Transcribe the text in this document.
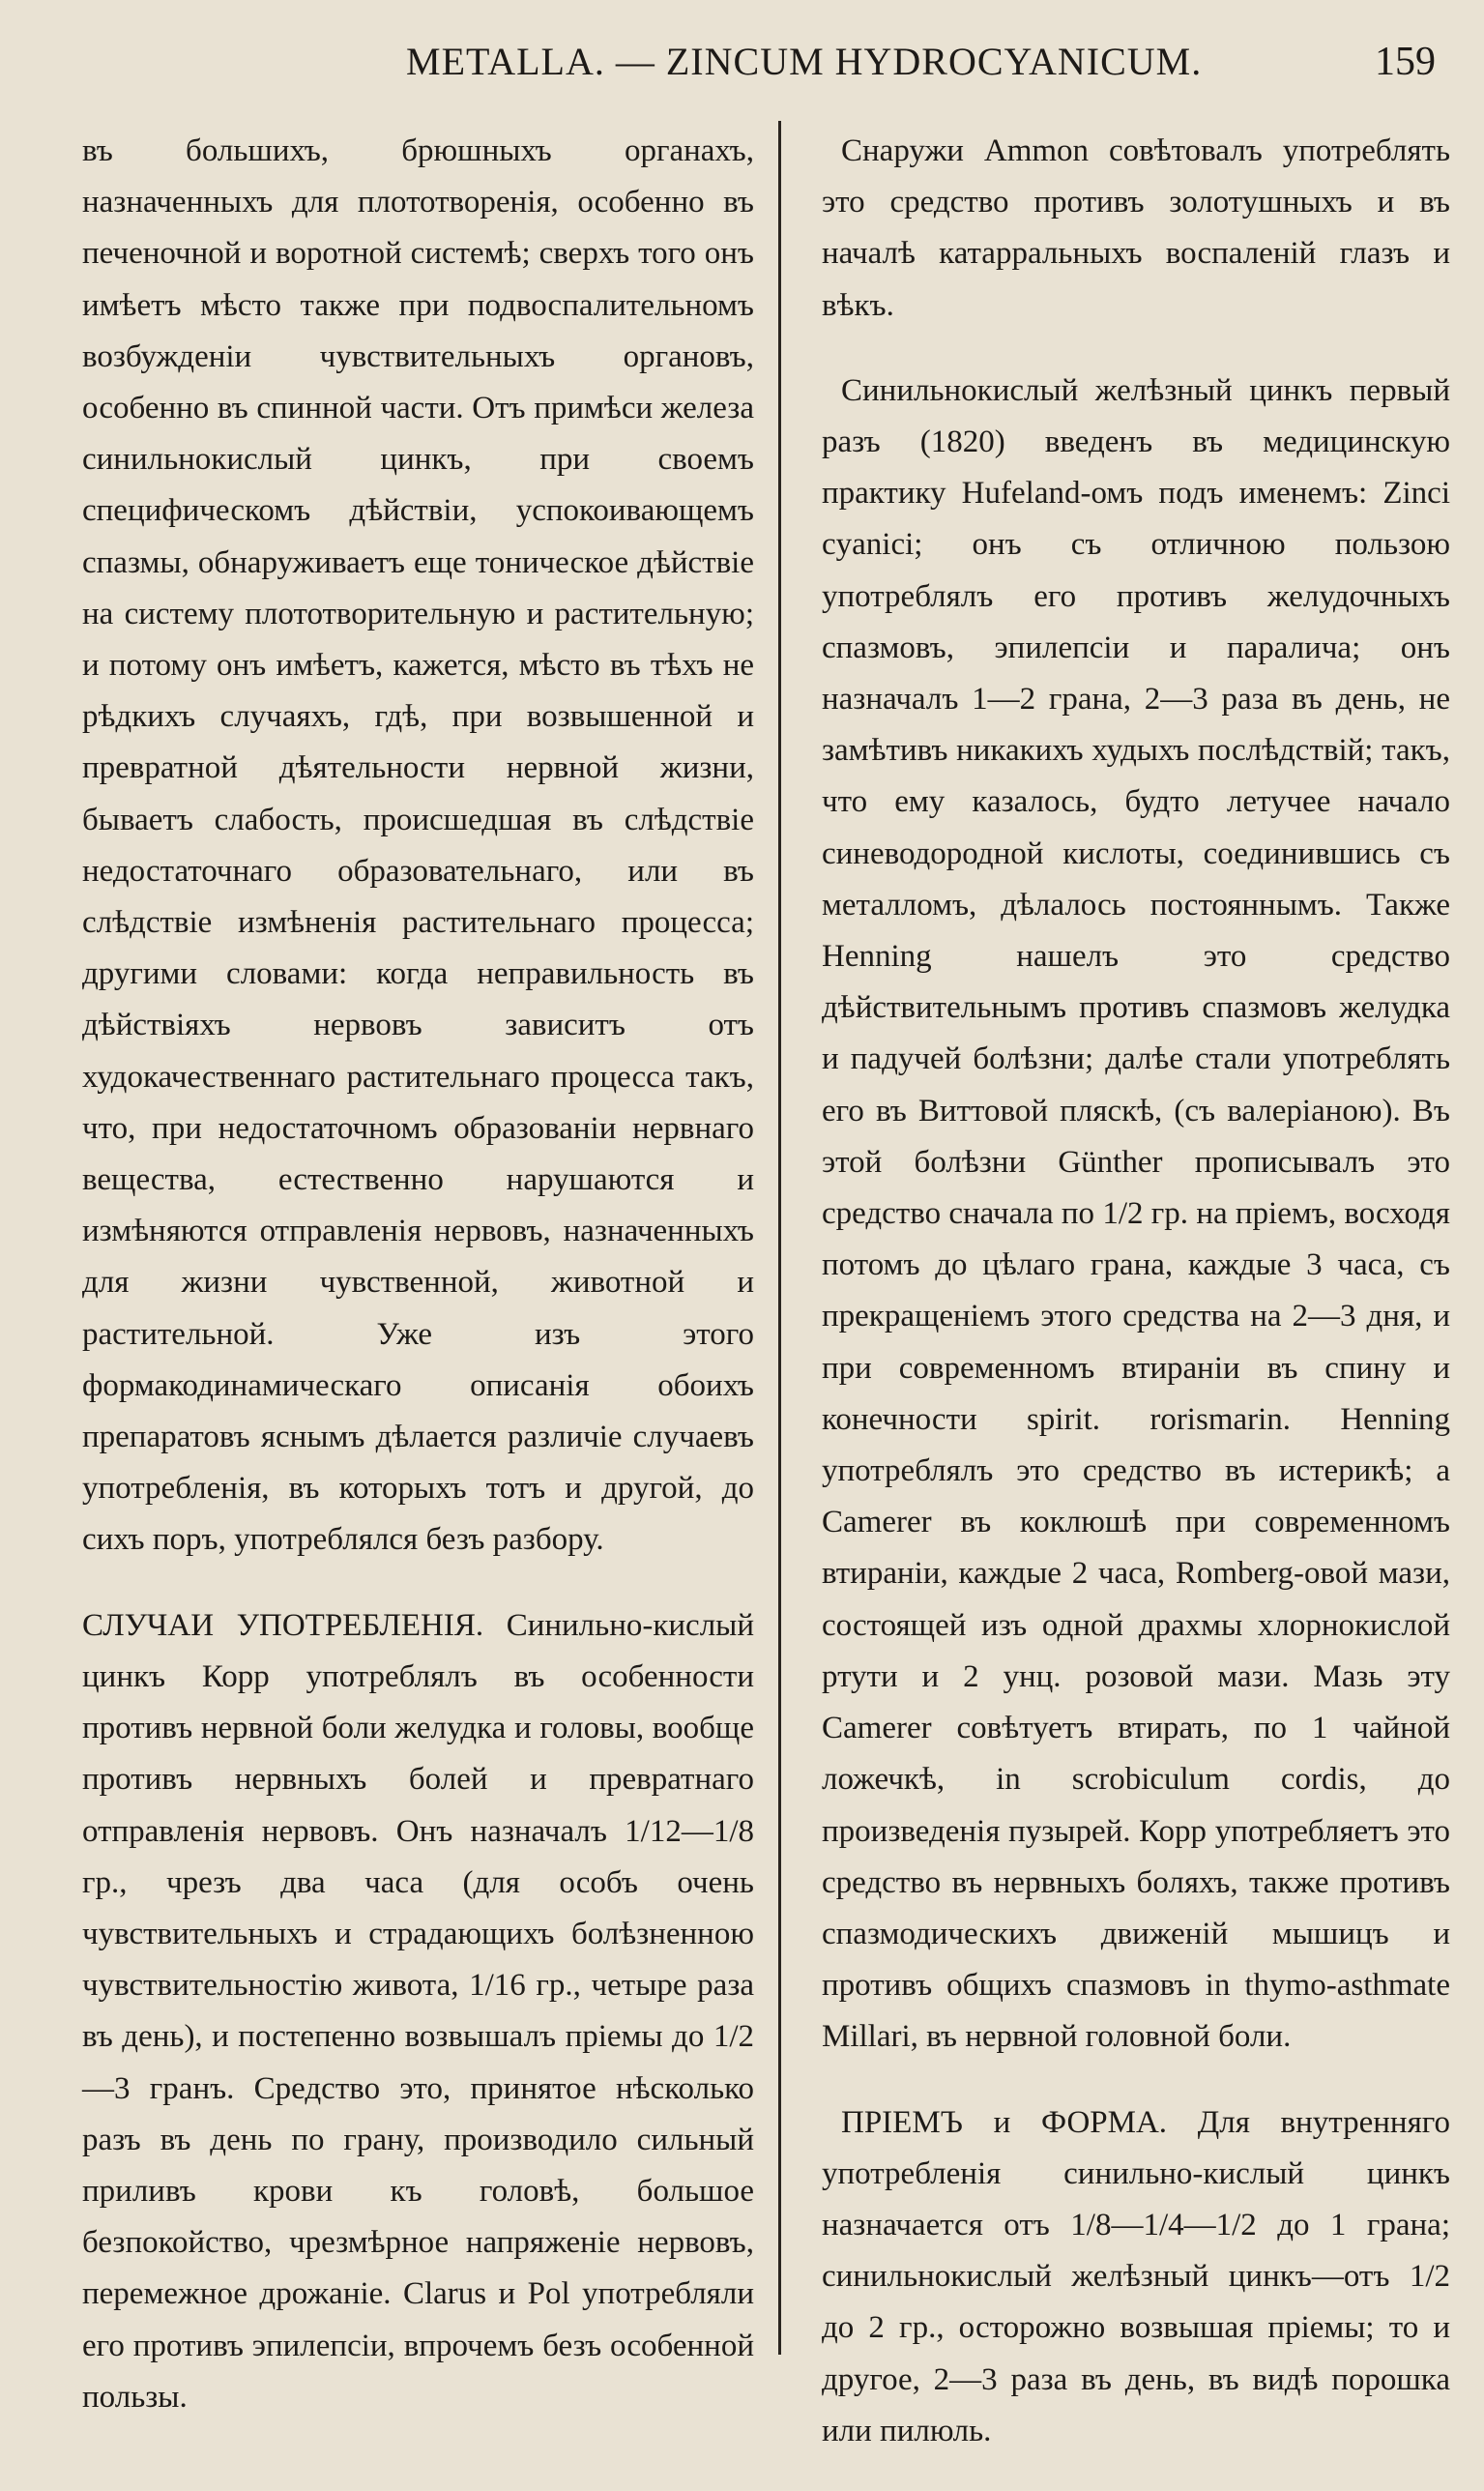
METALLA. — ZINCUM HYDROCYANICUM.	159

въ большихъ, брюшныхъ органахъ, назначенныхъ для плототворенія, особенно въ печеночной и воротной системѣ; сверхъ того онъ имѣетъ мѣсто также при подвоспалительномъ возбужденіи чувствительныхъ органовъ, особенно въ спинной части. Отъ примѣси железа синильнокислый цинкъ, при своемъ специфическомъ дѣйствіи, успокоивающемъ спазмы, обнаруживаетъ еще тоническое дѣйствіе на систему плототворительную и растительную; и потому онъ имѣетъ, кажется, мѣсто въ тѣхъ не рѣдкихъ случаяхъ, гдѣ, при возвышенной и превратной дѣятельности нервной жизни, бываетъ слабость, происшедшая въ слѣдствіе недостаточнаго образовательнаго, или въ слѣдствіе измѣненія растительнаго процесса; другими словами: когда неправильность въ дѣйствіяхъ нервовъ зависитъ отъ худокачественнаго растительнаго процесса такъ, что, при недостаточномъ образованіи нервнаго вещества, естественно нарушаются и измѣняются отправленія нервовъ, назначенныхъ для жизни чувственной, животной и растительной. Уже изъ этого формакодинамическаго описанія обоихъ препаратовъ яснымъ дѣлается различіе случаевъ употребленія, въ которыхъ тотъ и другой, до сихъ поръ, употреблялся безъ разбору.

СЛУЧАИ УПОТРЕБЛЕНІЯ. Синильно-кислый цинкъ Корр употреблялъ въ особенности противъ нервной боли желудка и головы, вообще противъ нервныхъ болей и превратнаго отправленія нервовъ. Онъ назначалъ 1/12—1/8 гр., чрезъ два часа (для особъ очень чувствительныхъ и страдающихъ болѣзненною чувствительностію живота, 1/16 гр., четыре раза въ день), и постепенно возвышалъ пріемы до 1/2—3 гранъ. Средство это, принятое нѣсколько разъ въ день по грану, производило сильный приливъ крови къ головѣ, большое безпокойство, чрезмѣрное напряженіе нервовъ, перемежное дрожаніе. Clarus и Pol употребляли его противъ эпилепсіи, впрочемъ безъ особенной пользы.

Снаружи Ammon совѣтовалъ употреблять это средство противъ золотушныхъ и въ началѣ катарральныхъ воспаленій глазъ и вѣкъ.

Синильнокислый желѣзный цинкъ первый разъ (1820) введенъ въ медицинскую практику Hufeland-омъ подъ именемъ: Zinci cyanici; онъ съ отличною пользою употреблялъ его противъ желудочныхъ спазмовъ, эпилепсіи и паралича; онъ назначалъ 1—2 грана, 2—3 раза въ день, не замѣтивъ никакихъ худыхъ послѣдствій; такъ, что ему казалось, будто летучее начало синеводородной кислоты, соединившись съ металломъ, дѣлалось постояннымъ. Также Henning нашелъ это средство дѣйствительнымъ противъ спазмовъ желудка и падучей болѣзни; далѣе стали употреблять его въ Виттовой пляскѣ, (съ валеріаною). Въ этой болѣзни Günther прописывалъ это средство сначала по 1/2 гр. на пріемъ, восходя потомъ до цѣлаго грана, каждые 3 часа, съ прекращеніемъ этого средства на 2—3 дня, и при современномъ втираніи въ спину и конечности spirit. rorismarin. Henning употреблялъ это средство въ истерикѣ; а Camerer въ коклюшѣ при современномъ втираніи, каждые 2 часа, Romberg-овой мази, состоящей изъ одной драхмы хлорнокислой ртути и 2 унц. розовой мази. Мазь эту Camerer совѣтуетъ втирать, по 1 чайной ложечкѣ, in scrobiculum cordis, до произведенія пузырей. Корр употребляетъ это средство въ нервныхъ боляхъ, также противъ спазмодическихъ движеній мышицъ и противъ общихъ спазмовъ in thymo-asthmate Millari, въ нервной головной боли.

ПРІЕМЪ и ФОРМА. Для внутренняго употребленія синильно-кислый цинкъ назначается отъ 1/8—1/4—1/2 до 1 грана; синильнокислый желѣзный цинкъ—отъ 1/2 до 2 гр., осторожно возвышая пріемы; то и другое, 2—3 раза въ день, въ видѣ порошка или пилюль.
